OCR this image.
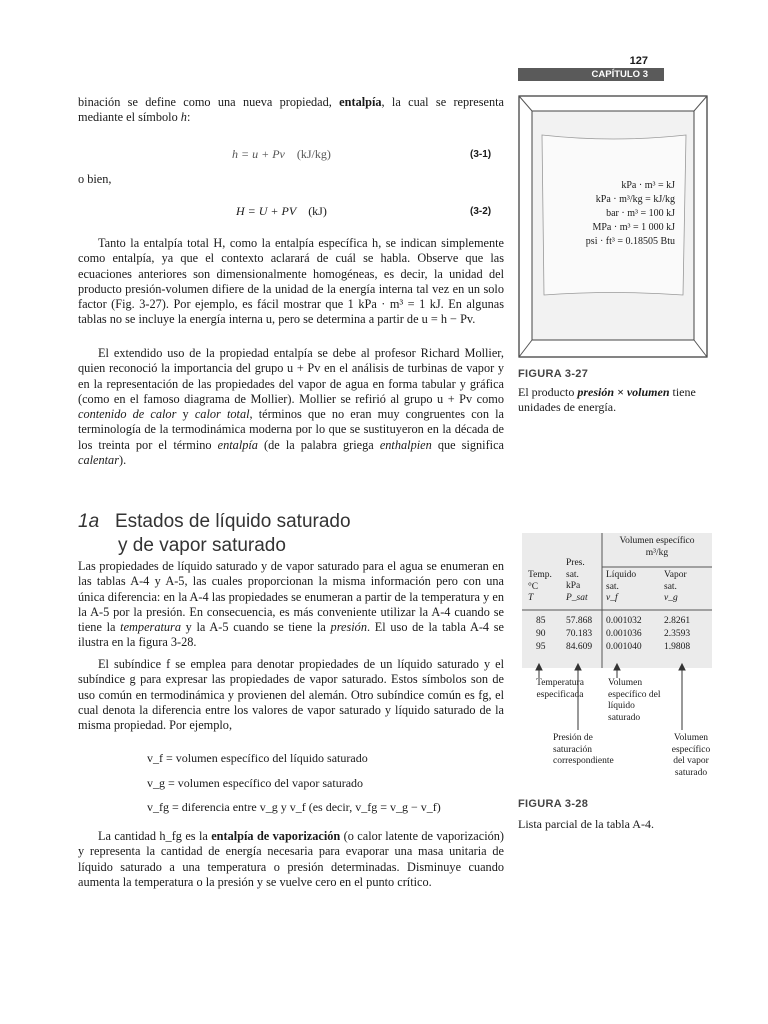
127
CAPÍTULO 3

binación se define como una nueva propiedad, entalpía, la cual se representa mediante el símbolo h:

h = u + Pv (kJ/kg)	(3-1)
o bien,
H = U + PV (kJ)	(3-2)

Tanto la entalpía total H, como la entalpía específica h, se indican simplemente como entalpía, ya que el contexto aclarará de cuál se habla. Observe que las ecuaciones anteriores son dimensionalmente homogéneas, es decir, la unidad del producto presión-volumen difiere de la unidad de la energía interna tal vez en un solo factor (Fig. 3-27). Por ejemplo, es fácil mostrar que 1 kPa · m³ = 1 kJ. En algunas tablas no se incluye la energía interna u, pero se determina a partir de u = h − Pv.

El extendido uso de la propiedad entalpía se debe al profesor Richard Mollier, quien reconoció la importancia del grupo u + Pv en el análisis de turbinas de vapor y en la representación de las propiedades del vapor de agua en forma tabular y gráfica (como en el famoso diagrama de Mollier). Mollier se refirió al grupo u + Pv como contenido de calor y calor total, términos que no eran muy congruentes con la terminología de la termodinámica moderna por lo que se sustituyeron en la década de los treinta por el término entalpía (de la palabra griega enthalpien que significa calentar).

1a Estados de líquido saturado
y de vapor saturado

Las propiedades de líquido saturado y de vapor saturado para el agua se enumeran en las tablas A-4 y A-5, las cuales proporcionan la misma información pero con una única diferencia: en la A-4 las propiedades se enumeran a partir de la temperatura y en la A-5 por la presión. En consecuencia, es más conveniente utilizar la A-4 cuando se tiene la temperatura y la A-5 cuando se tiene la presión. El uso de la tabla A-4 se ilustra en la figura 3-28.

El subíndice f se emplea para denotar propiedades de un líquido saturado y el subíndice g para expresar las propiedades de vapor saturado. Estos símbolos son de uso común en termodinámica y provienen del alemán. Otro subíndice común es fg, el cual denota la diferencia entre los valores de vapor saturado y líquido saturado de la misma propiedad. Por ejemplo,

v_f = volumen específico del líquido saturado
v_g = volumen específico del vapor saturado
v_fg = diferencia entre v_g y v_f (es decir, v_fg = v_g − v_f)

La cantidad h_fg es la entalpía de vaporización (o calor latente de vaporización) y representa la cantidad de energía necesaria para evaporar una masa unitaria de líquido saturado a una temperatura o presión determinadas. Disminuye cuando aumenta la temperatura o la presión y se vuelve cero en el punto crítico.

kPa · m³ = kJ
kPa · m³/kg = kJ/kg
bar · m³ = 100 kJ
MPa · m³ = 1 000 kJ
psi · ft³ = 0.18505 Btu
FIGURA 3-27
El producto presión × volumen tiene unidades de energía.
Volumen específico
m³/kg
Temp.
°C
T
Pres.
sat.
kPa
P_sat
Líquido
sat.
v_f
Vapor
sat.
v_g
85
90
95
57.868
70.183
84.609
0.001032
0.001036
0.001040
2.8261
2.3593
1.9808
Temperatura especificada
Volumen específico del líquido saturado
Presión de saturación correspondiente
Volumen específico del vapor saturado
FIGURA 3-28
Lista parcial de la tabla A-4.
